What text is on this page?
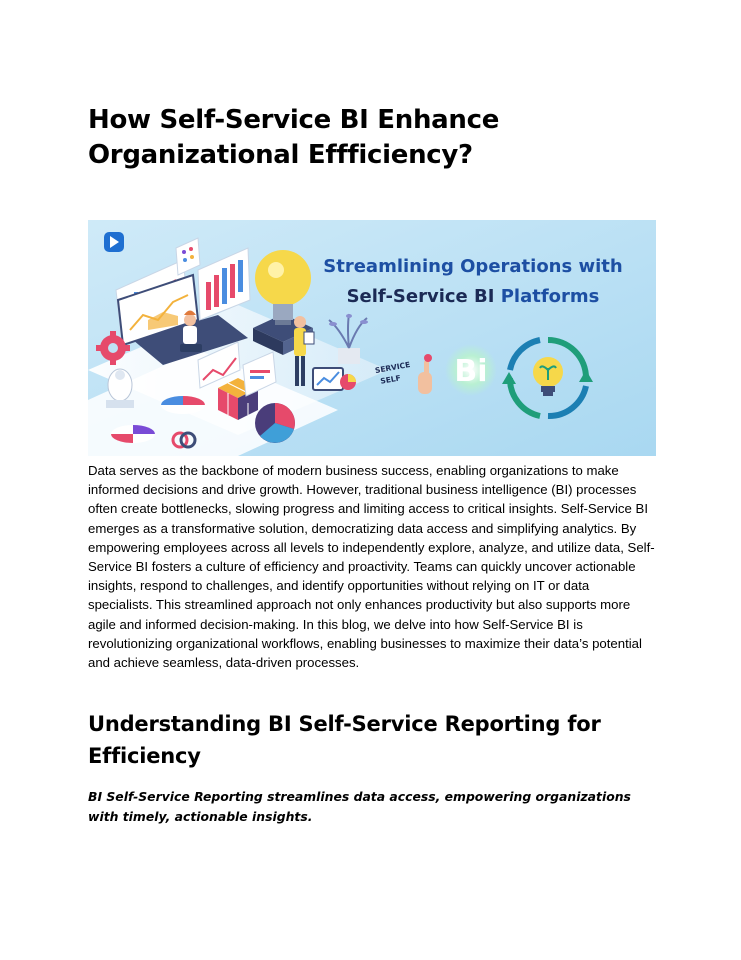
How Self-Service BI Enhance Organizational Effficiency?
Streamlining Operations with
Self-Service BI Platforms
SERVICE
SELF Bi

Data serves as the backbone of modern business success, enabling organizations to make informed decisions and drive growth. However, traditional business intelligence (BI) processes often create bottlenecks, slowing progress and limiting access to critical insights. Self-Service BI emerges as a transformative solution, democratizing data access and simplifying analytics. By empowering employees across all levels to independently explore, analyze, and utilize data, Self-Service BI fosters a culture of efficiency and proactivity. Teams can quickly uncover actionable insights, respond to challenges, and identify opportunities without relying on IT or data specialists. This streamlined approach not only enhances productivity but also supports more agile and informed decision-making. In this blog, we delve into how Self-Service BI is revolutionizing organizational workflows, enabling businesses to maximize their data’s potential and achieve seamless, data-driven processes.

Understanding BI Self-Service Reporting for Efficiency

BI Self-Service Reporting streamlines data access, empowering organizations with timely, actionable insights.
